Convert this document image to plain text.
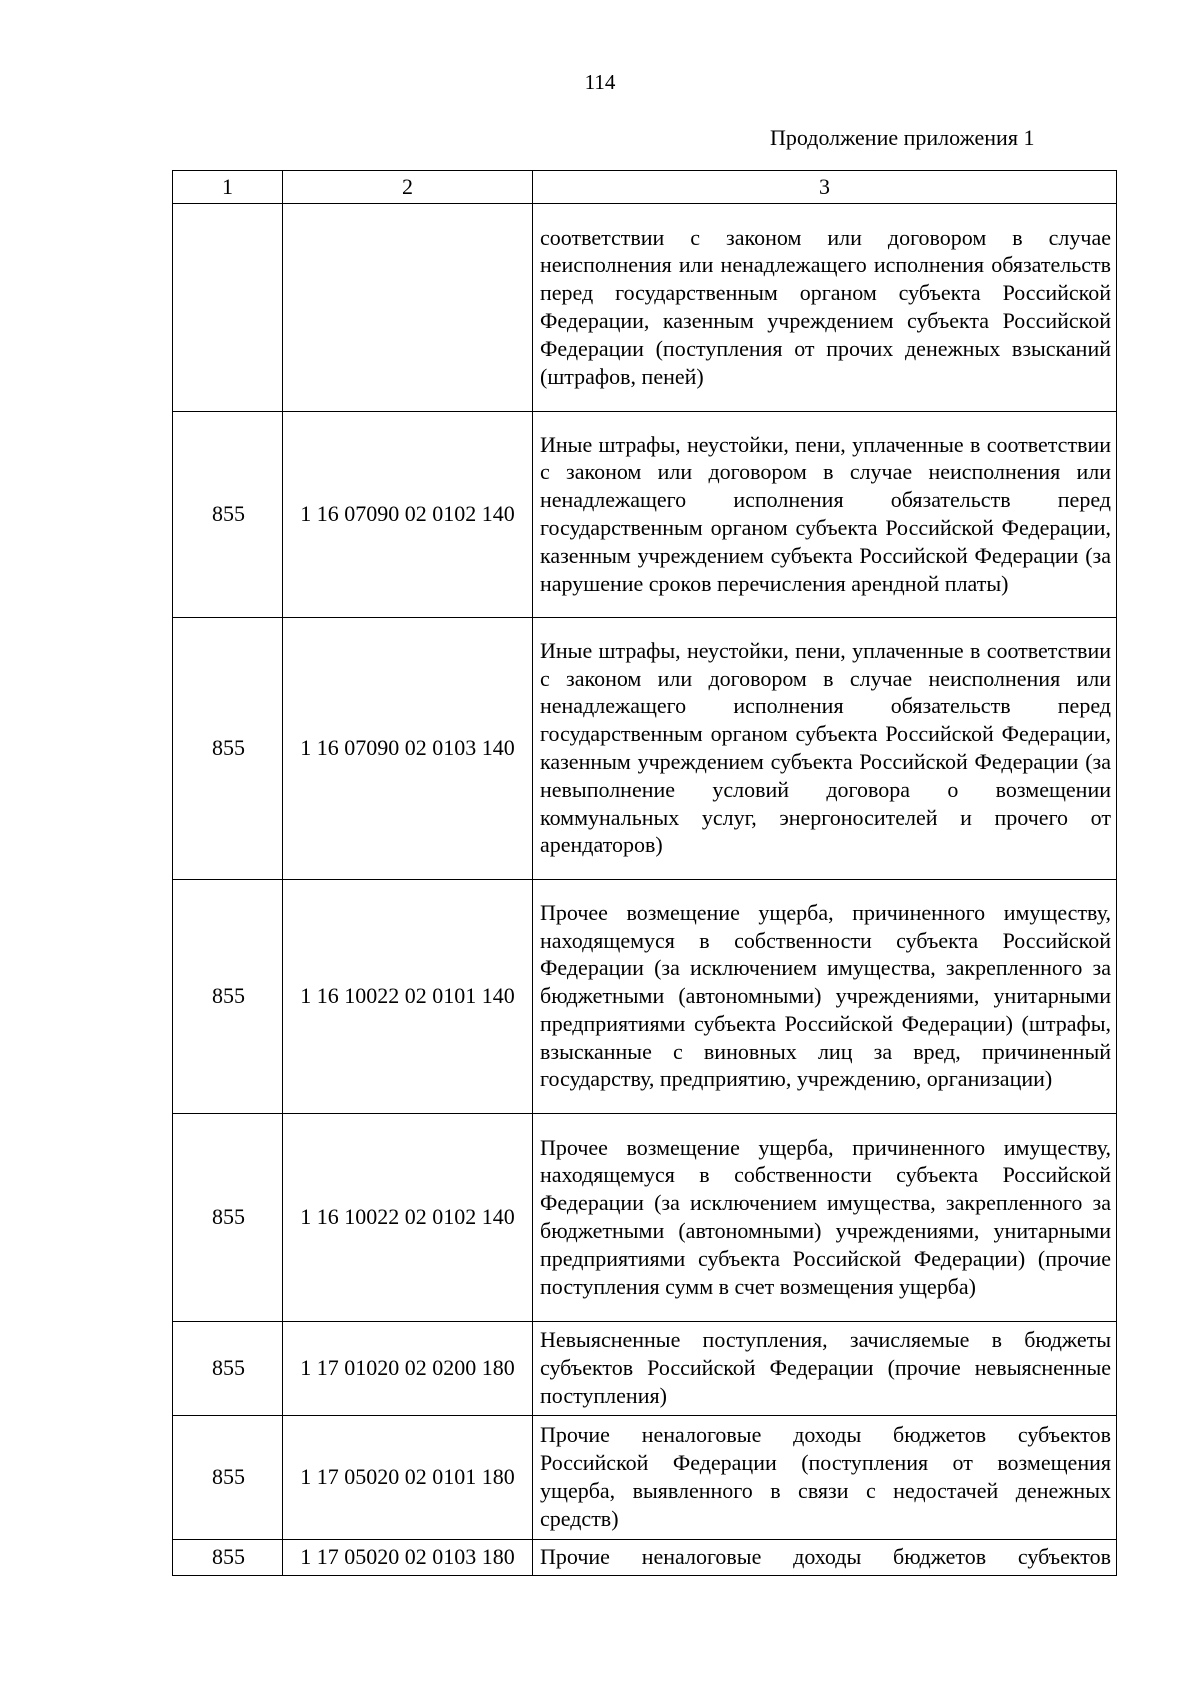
114
Продолжение приложения 1
1	2	3
		соответствии с законом или договором в случае неисполнения или ненадлежащего исполнения обязательств перед государственным органом субъекта Российской Федерации, казенным учреждением субъекта Российской Федерации (поступления от прочих денежных взысканий (штрафов, пеней)
855	1 16 07090 02 0102 140	Иные штрафы, неустойки, пени, уплаченные в соответствии с законом или договором в случае неисполнения или ненадлежащего исполнения обязательств перед государственным органом субъекта Российской Федерации, казенным учреждением субъекта Российской Федерации (за нарушение сроков перечисления арендной платы)
855	1 16 07090 02 0103 140	Иные штрафы, неустойки, пени, уплаченные в соответствии с законом или договором в случае неисполнения или ненадлежащего исполнения обязательств перед государственным органом субъекта Российской Федерации, казенным учреждением субъекта Российской Федерации (за невыполнение условий договора о возмещении коммунальных услуг, энергоносителей и прочего от арендаторов)
855	1 16 10022 02 0101 140	Прочее возмещение ущерба, причиненного имуществу, находящемуся в собственности субъекта Российской Федерации (за исключением имущества, закрепленного за бюджетными (автономными) учреждениями, унитарными предприятиями субъекта Российской Федерации) (штрафы, взысканные с виновных лиц за вред, причиненный государству, предприятию, учреждению, организации)
855	1 16 10022 02 0102 140	Прочее возмещение ущерба, причиненного имуществу, находящемуся в собственности субъекта Российской Федерации (за исключением имущества, закрепленного за бюджетными (автономными) учреждениями, унитарными предприятиями субъекта Российской Федерации) (прочие поступления сумм в счет возмещения ущерба)
855	1 17 01020 02 0200 180	Невыясненные поступления, зачисляемые в бюджеты субъектов Российской Федерации (прочие невыясненные поступления)
855	1 17 05020 02 0101 180	Прочие неналоговые доходы бюджетов субъектов Российской Федерации (поступления от возмещения ущерба, выявленного в связи с недостачей денежных средств)
855	1 17 05020 02 0103 180	Прочие неналоговые доходы бюджетов субъектов
